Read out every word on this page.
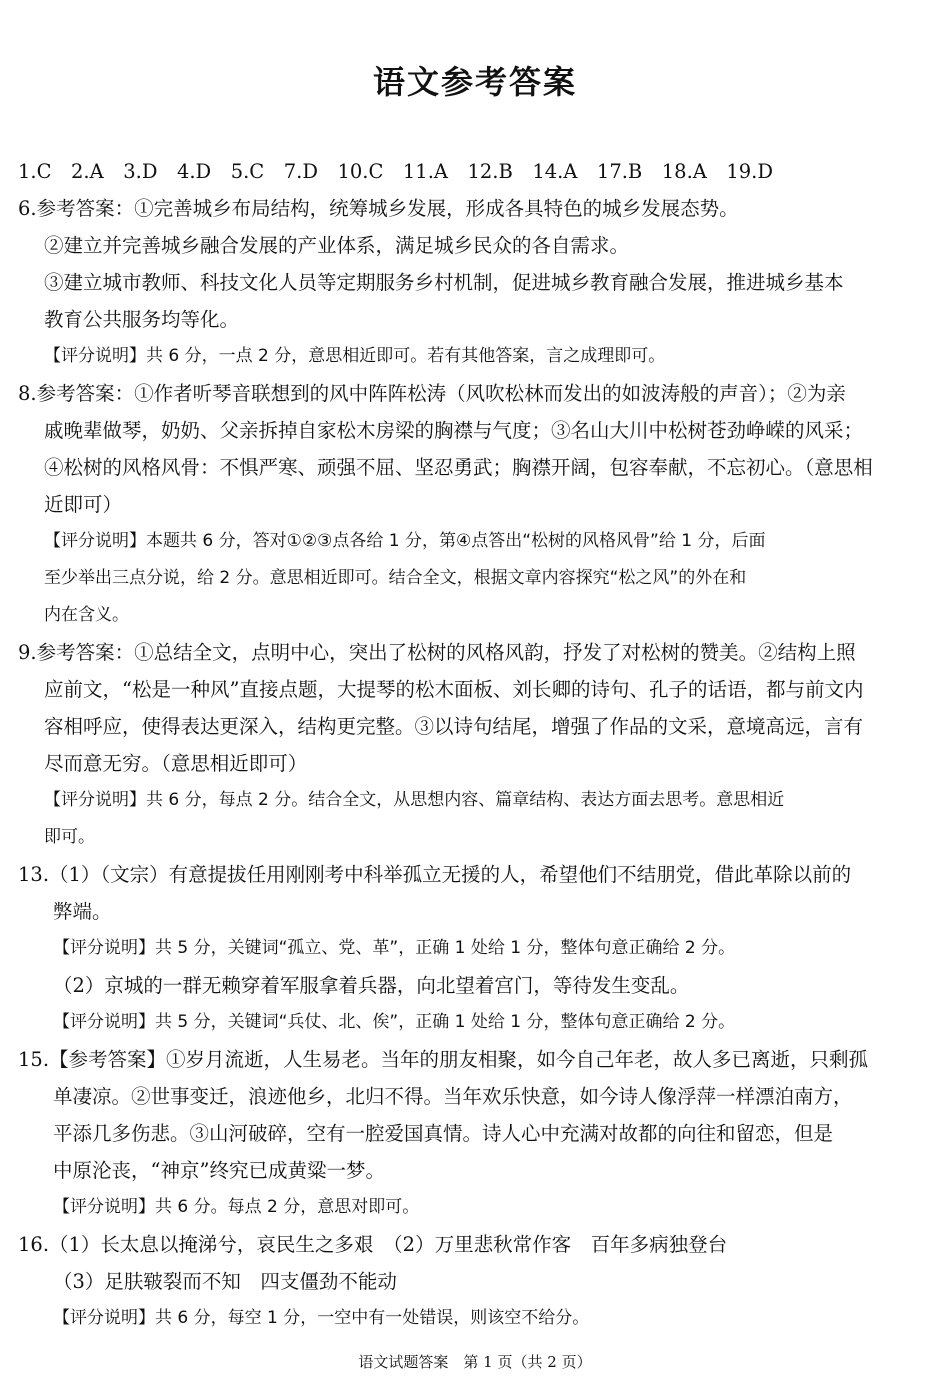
语文参考答案
1.C　2.A　3.D　4.D　5.C　7.D　10.C　11.A　12.B　14.A　17.B　18.A　19.D
6.参考答案：①完善城乡布局结构，统筹城乡发展，形成各具特色的城乡发展态势。
②建立并完善城乡融合发展的产业体系，满足城乡民众的各自需求。
③建立城市教师、科技文化人员等定期服务乡村机制，促进城乡教育融合发展，推进城乡基本
教育公共服务均等化。
【评分说明】共 6 分，一点 2 分，意思相近即可。若有其他答案，言之成理即可。
8.参考答案：①作者听琴音联想到的风中阵阵松涛（风吹松林而发出的如波涛般的声音）；②为亲
戚晚辈做琴，奶奶、父亲拆掉自家松木房梁的胸襟与气度；③名山大川中松树苍劲峥嵘的风采；
④松树的风格风骨：不惧严寒、顽强不屈、坚忍勇武；胸襟开阔，包容奉献，不忘初心。（意思相
近即可）
【评分说明】本题共 6 分，答对①②③点各给 1 分，第④点答出“松树的风格风骨”给 1 分，后面
至少举出三点分说，给 2 分。意思相近即可。结合全文，根据文章内容探究“松之风”的外在和
内在含义。
9.参考答案：①总结全文，点明中心，突出了松树的风格风韵，抒发了对松树的赞美。②结构上照
应前文，“松是一种风”直接点题，大提琴的松木面板、刘长卿的诗句、孔子的话语，都与前文内
容相呼应，使得表达更深入，结构更完整。③以诗句结尾，增强了作品的文采，意境高远，言有
尽而意无穷。（意思相近即可）
【评分说明】共 6 分，每点 2 分。结合全文，从思想内容、篇章结构、表达方面去思考。意思相近
即可。
13.（1）（文宗）有意提拔任用刚刚考中科举孤立无援的人，希望他们不结朋党，借此革除以前的
弊端。
【评分说明】共 5 分，关键词“孤立、党、革”，正确 1 处给 1 分，整体句意正确给 2 分。
（2）京城的一群无赖穿着军服拿着兵器，向北望着宫门，等待发生变乱。
【评分说明】共 5 分，关键词“兵仗、北、俟”，正确 1 处给 1 分，整体句意正确给 2 分。
15.【参考答案】①岁月流逝，人生易老。当年的朋友相聚，如今自己年老，故人多已离逝，只剩孤
单凄凉。②世事变迁，浪迹他乡，北归不得。当年欢乐快意，如今诗人像浮萍一样漂泊南方，
平添几多伤悲。③山河破碎，空有一腔爱国真情。诗人心中充满对故都的向往和留恋，但是
中原沦丧，“神京”终究已成黄粱一梦。
【评分说明】共 6 分。每点 2 分，意思对即可。
16.（1）长太息以掩涕兮，哀民生之多艰　（2）万里悲秋常作客　百年多病独登台
（3）足肤皲裂而不知　四支僵劲不能动
【评分说明】共 6 分，每空 1 分，一空中有一处错误，则该空不给分。
语文试题答案　第 1 页（共 2 页）
